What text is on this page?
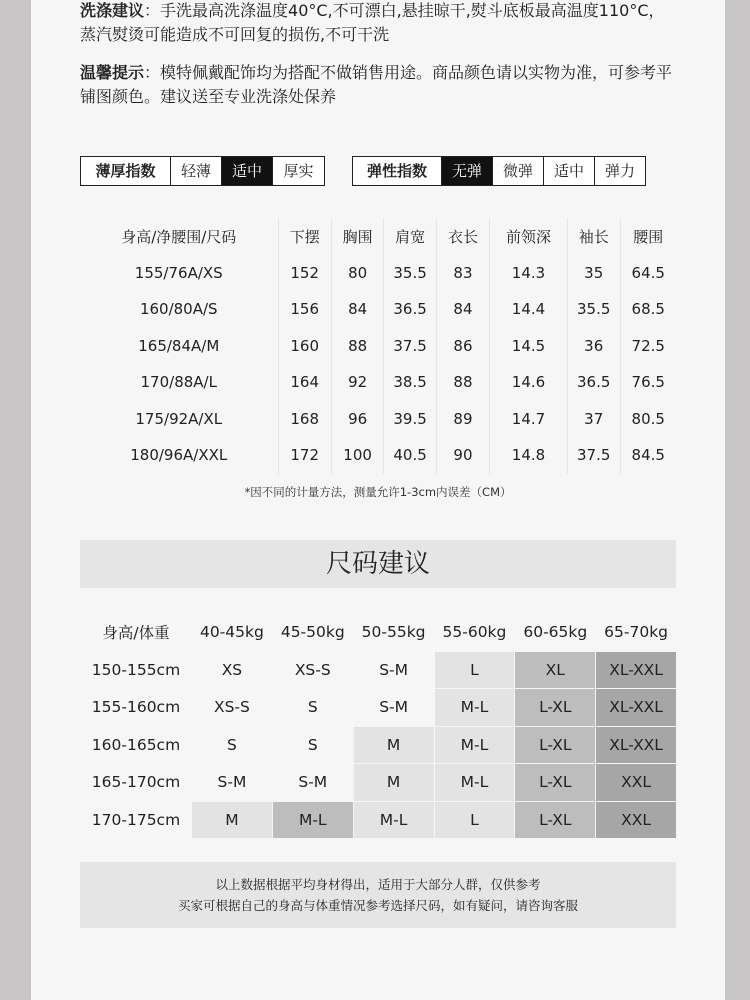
洗涤建议：手洗最高洗涤温度40°C,不可漂白,悬挂晾干,熨斗底板最高温度110°C，蒸汽熨烫可能造成不可回复的损伤,不可干洗
温馨提示：模特佩戴配饰均为搭配不做销售用途。商品颜色请以实物为准，可参考平铺图颜色。建议送至专业洗涤处保养
薄厚指数	轻薄	适中	厚实	弹性指数	无弹	微弹	适中	弹力
身高/净腰围/尺码	下摆	胸围	肩宽	衣长	前领深	袖长	腰围
155/76A/XS	152	80	35.5	83	14.3	35	64.5
160/80A/S	156	84	36.5	84	14.4	35.5	68.5
165/84A/M	160	88	37.5	86	14.5	36	72.5
170/88A/L	164	92	38.5	88	14.6	36.5	76.5
175/92A/XL	168	96	39.5	89	14.7	37	80.5
180/96A/XXL	172	100	40.5	90	14.8	37.5	84.5
*因不同的计量方法，测量允许1-3cm内误差（CM）
尺码建议
身高/体重	40-45kg	45-50kg	50-55kg	55-60kg	60-65kg	65-70kg
150-155cm	XS	XS-S	S-M	L	XL	XL-XXL
155-160cm	XS-S	S	S-M	M-L	L-XL	XL-XXL
160-165cm	S	S	M	M-L	L-XL	XL-XXL
165-170cm	S-M	S-M	M	M-L	L-XL	XXL
170-175cm	M	M-L	M-L	L	L-XL	XXL
以上数据根据平均身材得出，适用于大部分人群，仅供参考
买家可根据自己的身高与体重情况参考选择尺码，如有疑问，请咨询客服
